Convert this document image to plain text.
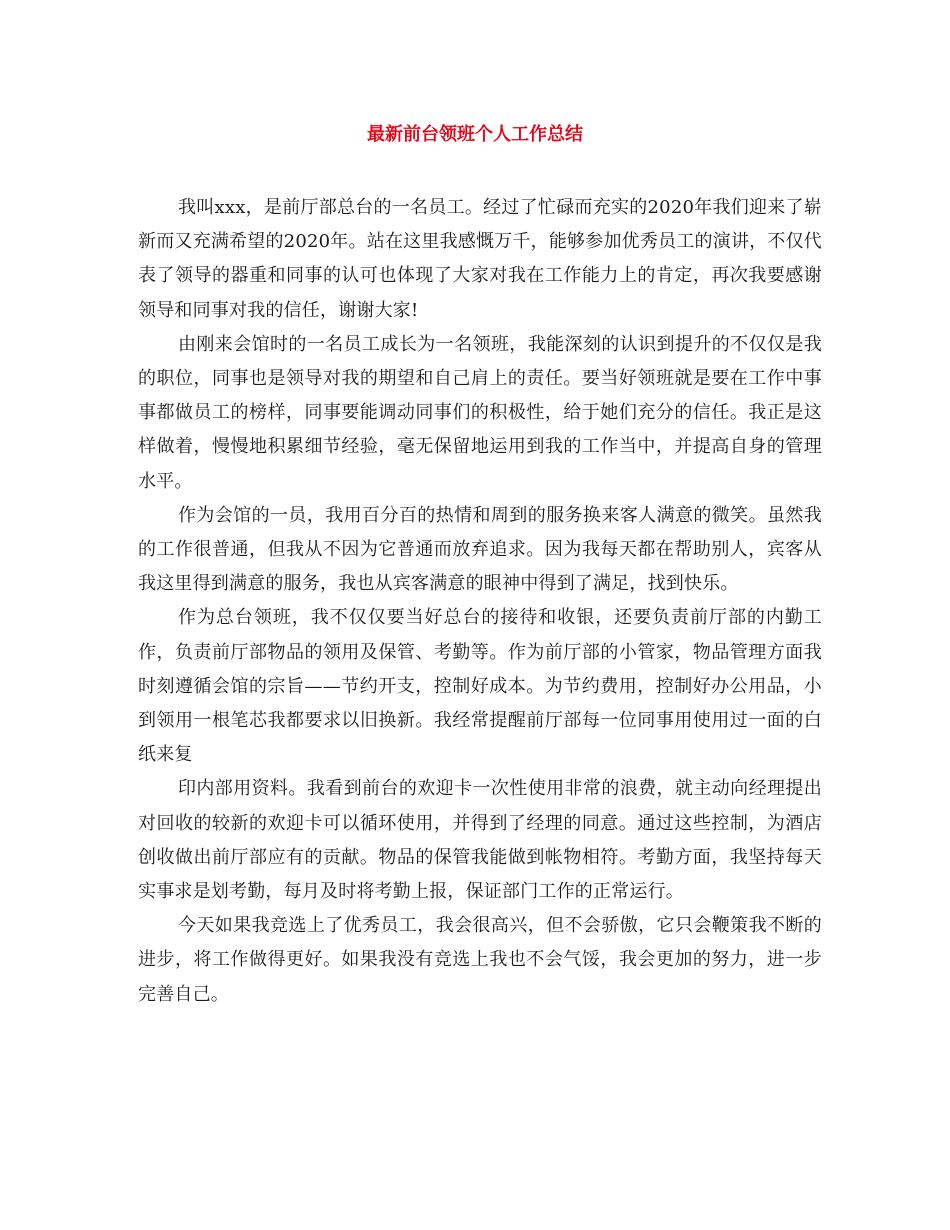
最新前台领班个人工作总结

我叫xxx，是前厅部总台的一名员工。经过了忙碌而充实的2020年我们迎来了崭新而又充满希望的2020年。站在这里我感慨万千，能够参加优秀员工的演讲，不仅代表了领导的器重和同事的认可也体现了大家对我在工作能力上的肯定，再次我要感谢领导和同事对我的信任，谢谢大家!

由刚来会馆时的一名员工成长为一名领班，我能深刻的认识到提升的不仅仅是我的职位，同事也是领导对我的期望和自己肩上的责任。要当好领班就是要在工作中事事都做员工的榜样，同事要能调动同事们的积极性，给于她们充分的信任。我正是这样做着，慢慢地积累细节经验，毫无保留地运用到我的工作当中，并提高自身的管理水平。

作为会馆的一员，我用百分百的热情和周到的服务换来客人满意的微笑。虽然我的工作很普通，但我从不因为它普通而放弃追求。因为我每天都在帮助别人，宾客从我这里得到满意的服务，我也从宾客满意的眼神中得到了满足，找到快乐。

作为总台领班，我不仅仅要当好总台的接待和收银，还要负责前厅部的内勤工作，负责前厅部物品的领用及保管、考勤等。作为前厅部的小管家，物品管理方面我时刻遵循会馆的宗旨——节约开支，控制好成本。为节约费用，控制好办公用品，小到领用一根笔芯我都要求以旧换新。我经常提醒前厅部每一位同事用使用过一面的白纸来复

印内部用资料。我看到前台的欢迎卡一次性使用非常的浪费，就主动向经理提出对回收的较新的欢迎卡可以循环使用，并得到了经理的同意。通过这些控制，为酒店创收做出前厅部应有的贡献。物品的保管我能做到帐物相符。考勤方面，我坚持每天实事求是划考勤，每月及时将考勤上报，保证部门工作的正常运行。

今天如果我竞选上了优秀员工，我会很高兴，但不会骄傲，它只会鞭策我不断的进步，将工作做得更好。如果我没有竞选上我也不会气馁，我会更加的努力，进一步完善自己。
